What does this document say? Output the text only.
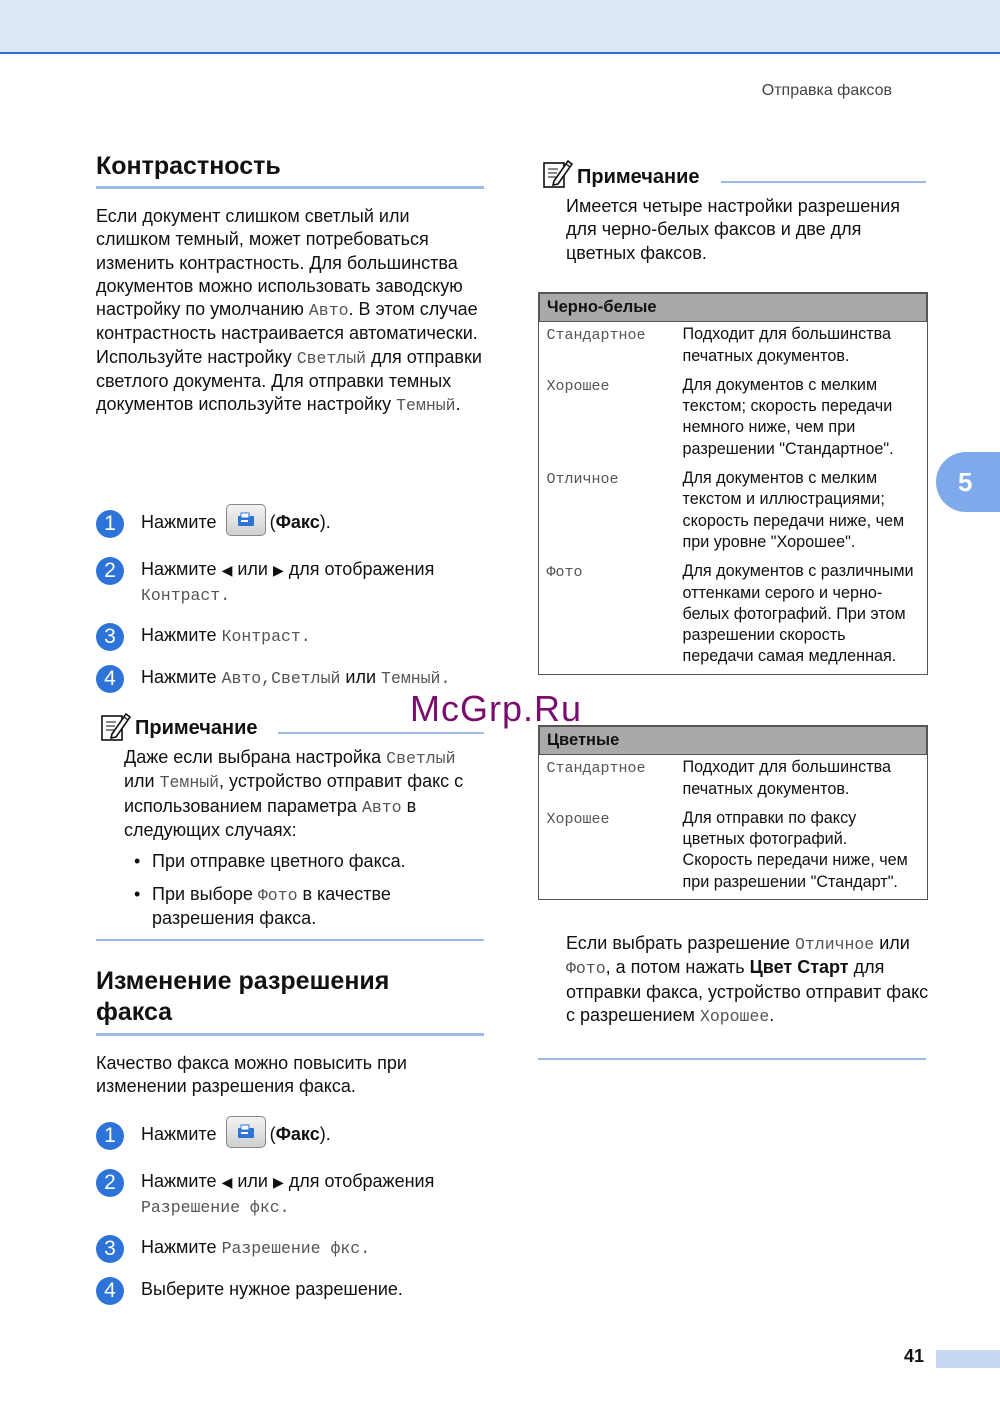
Отправка факсов
Контрастность

Если документ слишком светлый или слишком темный, может потребоваться изменить контрастность. Для большинства документов можно использовать заводскую настройку по умолчанию Авто. В этом случае контрастность настраивается автоматически.
Используйте настройку Светлый для отправки светлого документа. Для отправки темных документов используйте настройку Темный.

1	Нажмите	(Факс).
2	Нажмите ◀ или ▶ для отображения
Контраст.
3	Нажмите Контраст.
4	Нажмите Авто,Светлый или Темный.
Примечание

Даже если выбрана настройка Светлый или Темный, устройство отправит факс с использованием параметра Авто в следующих случаях:

• При отправке цветного факса.
• При выборе Фото в качестве разрешения факса.
Изменение разрешения
факса

Качество факса можно повысить при изменении разрешения факса.

1	Нажмите	(Факс).
2	Нажмите ◀ или ▶ для отображения
Разрешение фкс.
3	Нажмите Разрешение фкс.
4	Выберите нужное разрешение.
Примечание

Имеется четыре настройки разрешения для черно-белых факсов и две для цветных факсов.

Черно-белые	
Стандартное	Подходит для большинства печатных документов.
Хорошее	Для документов с мелким текстом; скорость передачи немного ниже, чем при разрешении "Стандартное".
Отличное	Для документов с мелким текстом и иллюстрациями; скорость передачи ниже, чем при уровне "Хорошее".
Фото	Для документов с различными оттенками серого и черно-белых фотографий. При этом разрешении скорость передачи самая медленная.
Цветные	
Стандартное	Подходит для большинства печатных документов.
Хорошее	Для отправки по факсу цветных фотографий. Скорость передачи ниже, чем при разрешении "Стандарт".

Если выбрать разрешение Отличное или Фото, а потом нажать Цвет Старт для отправки факса, устройство отправит факс с разрешением Хорошее.

5
McGrp.Ru
41
